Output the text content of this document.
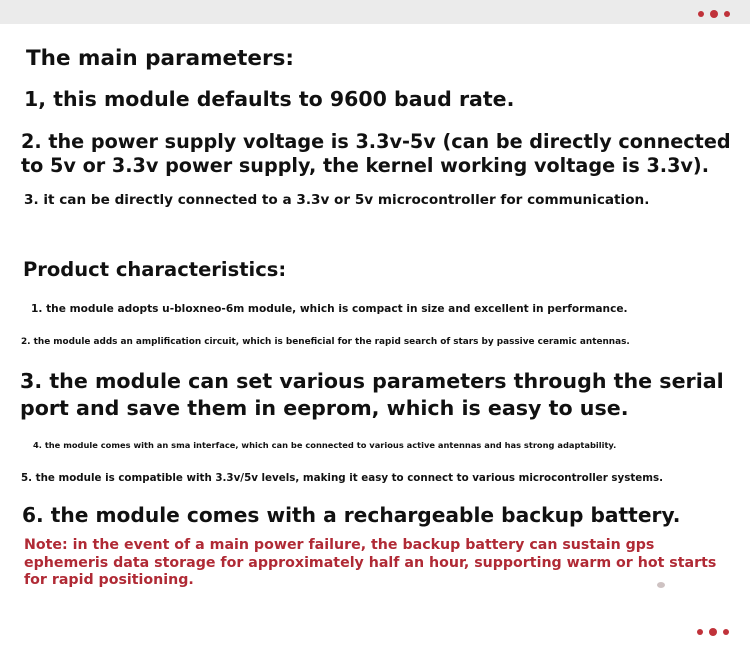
The main parameters:
1, this module defaults to 9600 baud rate.
2. the power supply voltage is 3.3v-5v (can be directly connected
to 5v or 3.3v power supply, the kernel working voltage is 3.3v).
3. it can be directly connected to a 3.3v or 5v microcontroller for communication.
Product characteristics:
1. the module adopts u-bloxneo-6m module, which is compact in size and excellent in performance.
2. the module adds an amplification circuit, which is beneficial for the rapid search of stars by passive ceramic antennas.
3. the module can set various parameters through the serial
port and save them in eeprom, which is easy to use.
4. the module comes with an sma interface, which can be connected to various active antennas and has strong adaptability.
5. the module is compatible with 3.3v/5v levels, making it easy to connect to various microcontroller systems.
6. the module comes with a rechargeable backup battery.
Note: in the event of a main power failure, the backup battery can sustain gps ephemeris data storage for approximately half an hour, supporting warm or hot starts for rapid positioning.
